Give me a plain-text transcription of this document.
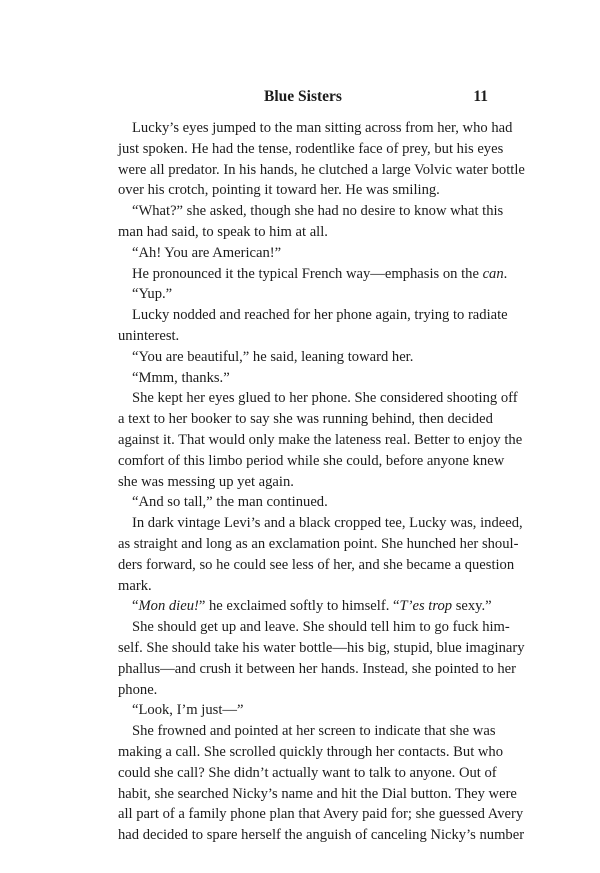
Blue Sisters	11
Lucky’s eyes jumped to the man sitting across from her, who had
just spoken. He had the tense, rodentlike face of prey, but his eyes
were all predator. In his hands, he clutched a large Volvic water bottle
over his crotch, pointing it toward her. He was smiling.
“What?” she asked, though she had no desire to know what this
man had said, to speak to him at all.
“Ah! You are American!”
He pronounced it the typical French way—emphasis on the can.
“Yup.”
Lucky nodded and reached for her phone again, trying to radiate
uninterest.
“You are beautiful,” he said, leaning toward her.
“Mmm, thanks.”
She kept her eyes glued to her phone. She considered shooting off
a text to her booker to say she was running behind, then decided
against it. That would only make the lateness real. Better to enjoy the
comfort of this limbo period while she could, before anyone knew
she was messing up yet again.
“And so tall,” the man continued.
In dark vintage Levi’s and a black cropped tee, Lucky was, indeed,
as straight and long as an exclamation point. She hunched her shoul-
ders forward, so he could see less of her, and she became a question
mark.
“Mon dieu!” he exclaimed softly to himself. “T’es trop sexy.”
She should get up and leave. She should tell him to go fuck him-
self. She should take his water bottle—his big, stupid, blue imaginary
phallus—and crush it between her hands. Instead, she pointed to her
phone.
“Look, I’m just—”
She frowned and pointed at her screen to indicate that she was
making a call. She scrolled quickly through her contacts. But who
could she call? She didn’t actually want to talk to anyone. Out of
habit, she searched Nicky’s name and hit the Dial button. They were
all part of a family phone plan that Avery paid for; she guessed Avery
had decided to spare herself the anguish of canceling Nicky’s number
